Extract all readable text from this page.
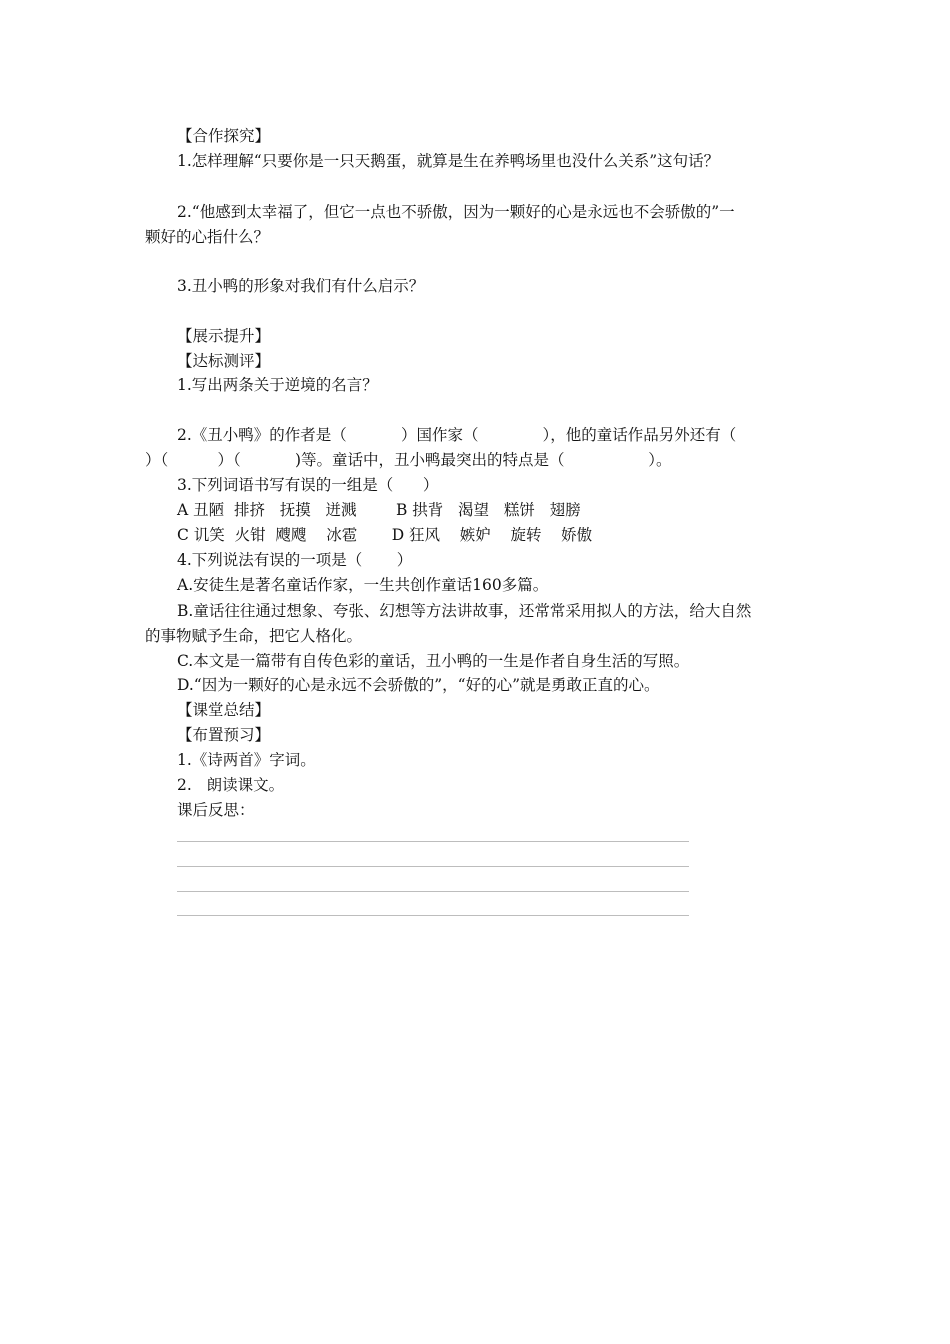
【合作探究】
1.怎样理解“只要你是一只天鹅蛋，就算是生在养鸭场里也没什么关系”这句话？
2.“他感到太幸福了，但它一点也不骄傲，因为一颗好的心是永远也不会骄傲的”一
颗好的心指什么？
3.丑小鸭的形象对我们有什么启示？
【展示提升】
【达标测评】
1.写出两条关于逆境的名言？
2.《丑小鸭》的作者是（           ）国作家（             ），他的童话作品另外还有（
）（          ）（           )等。童话中，丑小鸭最突出的特点是（                 ）。
3.下列词语书写有误的一组是（      ）
A 丑陋  排挤   抚摸   迸溅        B 拱背   渴望   糕饼   翅膀
C 讥笑  火钳  飕飕    冰雹       D 狂风    嫉妒    旋转    娇傲
4.下列说法有误的一项是（       ）
A.安徒生是著名童话作家，一生共创作童话160多篇。
B.童话往往通过想象、夸张、幻想等方法讲故事，还常常采用拟人的方法，给大自然
的事物赋予生命，把它人格化。
C.本文是一篇带有自传色彩的童话，丑小鸭的一生是作者自身生活的写照。
D.“因为一颗好的心是永远不会骄傲的”，“好的心”就是勇敢正直的心。
【课堂总结】
【布置预习】
1.《诗两首》字词。
2.   朗读课文。
课后反思：
